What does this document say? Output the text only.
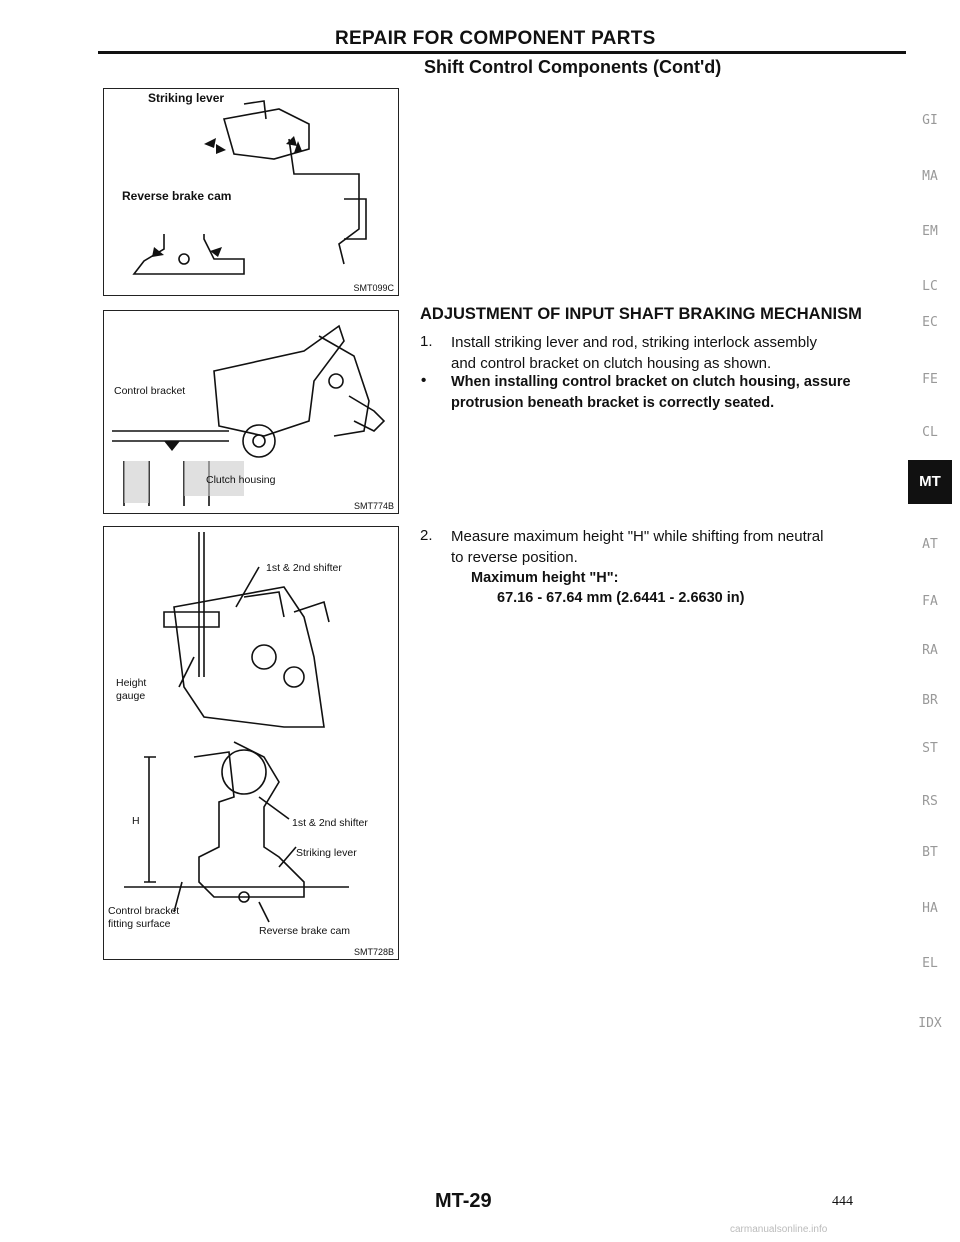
REPAIR FOR COMPONENT PARTS
Shift Control Components (Cont'd)
Striking lever
Reverse brake cam
SMT099C
Control bracket
Clutch housing
SMT774B
1st & 2nd shifter
Height
gauge
H	1st & 2nd shifter
Striking lever
Control bracket
fitting surface
Reverse brake cam
SMT728B
ADJUSTMENT OF INPUT SHAFT BRAKING MECHANISM
1. Install striking lever and rod, striking interlock assembly
and control bracket on clutch housing as shown.
• When installing control bracket on clutch housing, assure
protrusion beneath bracket is correctly seated.
2. Measure maximum height "H" while shifting from neutral
to reverse position.
Maximum height "H":
67.16 - 67.64 mm (2.6441 - 2.6630 in)
GI
MA
EM
LC
EC
FE
CL
MT
AT
FA
RA
BR
ST
RS
BT
HA
EL
IDX
MT-29	444
carmanualsonline.info
